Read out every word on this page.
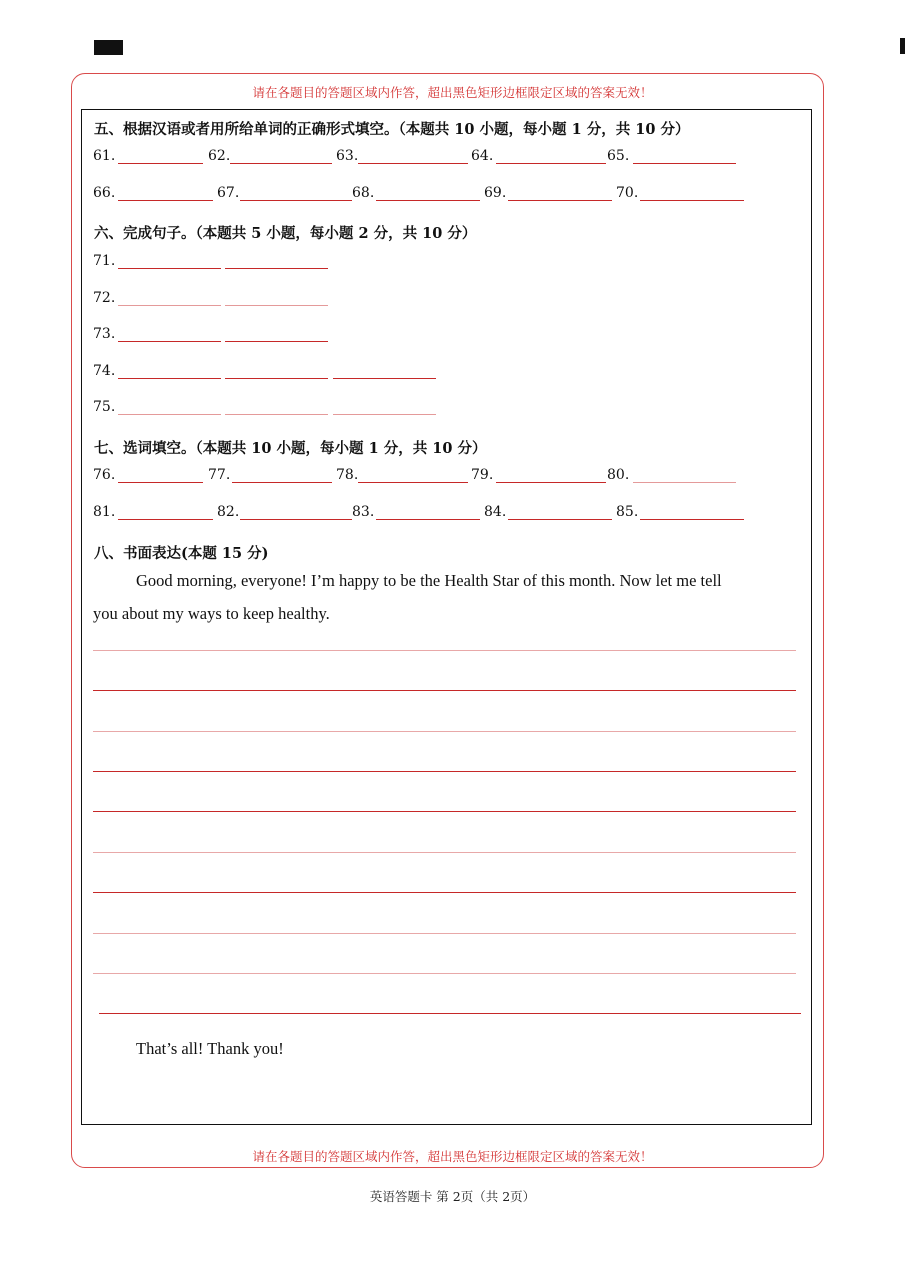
请在各题目的答题区域内作答，超出黑色矩形边框限定区域的答案无效！
五、根据汉语或者用所给单词的正确形式填空。（本题共 10 小题，每小题 1 分，共 10 分）
61.	62.	63.	64.	65.
66.	67.	68.	69.	70.
六、完成句子。（本题共 5 小题，每小题 2 分，共 10 分）
71.
72.
73.
74.
75.
七、选词填空。（本题共 10 小题，每小题 1 分，共 10 分）
76.	77.	78.	79.	80.
81.	82.	83.	84.	85.
八、书面表达(本题 15 分)
Good morning, everyone! I’m happy to be the Health Star of this month. Now let me tell
you about my ways to keep healthy.
That’s all! Thank you!
请在各题目的答题区域内作答，超出黑色矩形边框限定区域的答案无效！
英语答题卡 第 2页（共 2页）
